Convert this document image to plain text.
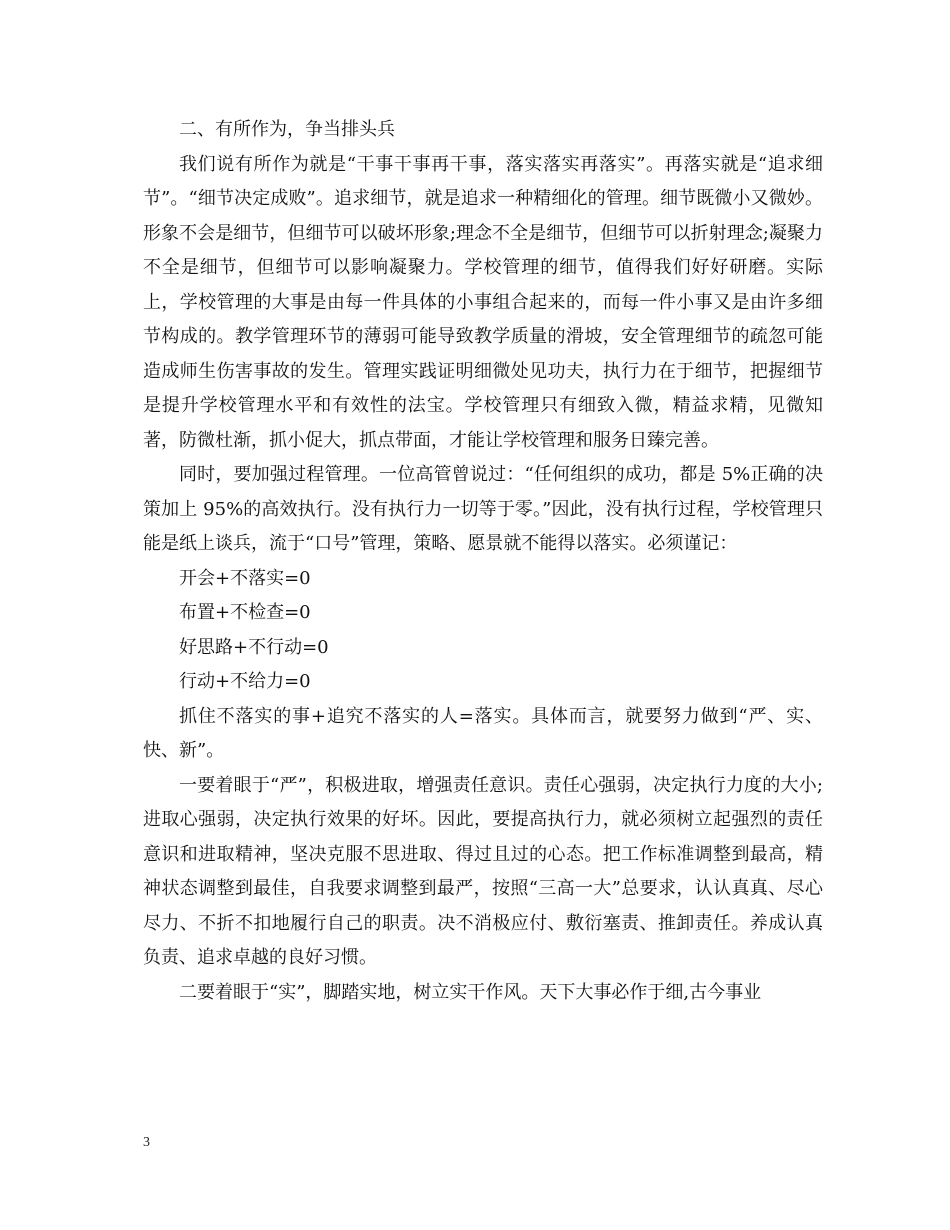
二、有所作为，争当排头兵

我们说有所作为就是“干事干事再干事，落实落实再落实”。再落实就是“追求细节”。“细节决定成败”。追求细节，就是追求一种精细化的管理。细节既微小又微妙。形象不会是细节，但细节可以破坏形象;理念不全是细节，但细节可以折射理念;凝聚力不全是细节，但细节可以影响凝聚力。学校管理的细节，值得我们好好研磨。实际上，学校管理的大事是由每一件具体的小事组合起来的，而每一件小事又是由许多细节构成的。教学管理环节的薄弱可能导致教学质量的滑坡，安全管理细节的疏忽可能造成师生伤害事故的发生。管理实践证明细微处见功夫，执行力在于细节，把握细节是提升学校管理水平和有效性的法宝。学校管理只有细致入微，精益求精，见微知著，防微杜渐，抓小促大，抓点带面，才能让学校管理和服务日臻完善。

同时，要加强过程管理。一位高管曾说过：“任何组织的成功，都是 5%正确的决策加上 95%的高效执行。没有执行力一切等于零。”因此，没有执行过程，学校管理只能是纸上谈兵，流于“口号”管理，策略、愿景就不能得以落实。必须谨记：

开会+不落实=0

布置+不检查=0

好思路+不行动=0

行动+不给力=0

抓住不落实的事+追究不落实的人=落实。具体而言，就要努力做到“严、实、快、新”。

一要着眼于“严”，积极进取，增强责任意识。责任心强弱，决定执行力度的大小;进取心强弱，决定执行效果的好坏。因此，要提高执行力，就必须树立起强烈的责任意识和进取精神，坚决克服不思进取、得过且过的心态。把工作标准调整到最高，精神状态调整到最佳，自我要求调整到最严，按照“三高一大”总要求，认认真真、尽心尽力、不折不扣地履行自己的职责。决不消极应付、敷衍塞责、推卸责任。养成认真负责、追求卓越的良好习惯。

二要着眼于“实”，脚踏实地，树立实干作风。天下大事必作于细,古今事业

3
